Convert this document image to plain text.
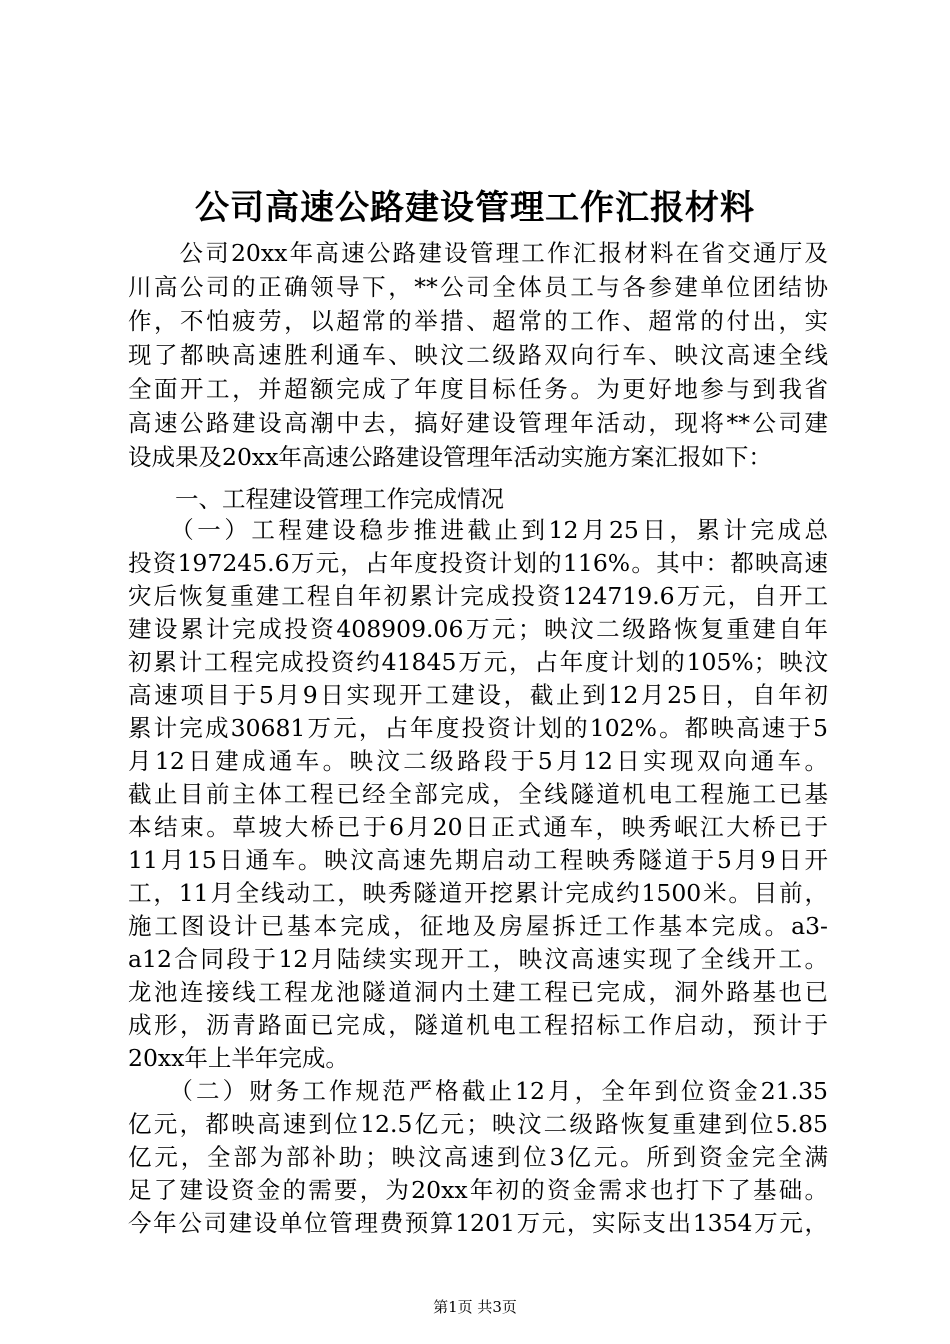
公司高速公路建设管理工作汇报材料
　　公司20xx年高速公路建设管理工作汇报材料在省交通厅及
川高公司的正确领导下，**公司全体员工与各参建单位团结协
作，不怕疲劳，以超常的举措、超常的工作、超常的付出，实
现了都映高速胜利通车、映汶二级路双向行车、映汶高速全线
全面开工，并超额完成了年度目标任务。为更好地参与到我省
高速公路建设高潮中去，搞好建设管理年活动，现将**公司建
设成果及20xx年高速公路建设管理年活动实施方案汇报如下：
　　一、工程建设管理工作完成情况
　　（一）工程建设稳步推进截止到12月25日，累计完成总
投资197245.6万元，占年度投资计划的116%。其中：都映高速
灾后恢复重建工程自年初累计完成投资124719.6万元，自开工
建设累计完成投资408909.06万元；映汶二级路恢复重建自年
初累计工程完成投资约41845万元，占年度计划的105%；映汶
高速项目于5月9日实现开工建设，截止到12月25日，自年初
累计完成30681万元，占年度投资计划的102%。都映高速于5
月12日建成通车。映汶二级路段于5月12日实现双向通车。
截止目前主体工程已经全部完成，全线隧道机电工程施工已基
本结束。草坡大桥已于6月20日正式通车，映秀岷江大桥已于
11月15日通车。映汶高速先期启动工程映秀隧道于5月9日开
工，11月全线动工，映秀隧道开挖累计完成约1500米。目前，
施工图设计已基本完成，征地及房屋拆迁工作基本完成。a3-
a12合同段于12月陆续实现开工，映汶高速实现了全线开工。
龙池连接线工程龙池隧道洞内土建工程已完成，洞外路基也已
成形，沥青路面已完成，隧道机电工程招标工作启动，预计于
20xx年上半年完成。
　　（二）财务工作规范严格截止12月，全年到位资金21.35
亿元，都映高速到位12.5亿元；映汶二级路恢复重建到位5.85
亿元，全部为部补助；映汶高速到位3亿元。所到资金完全满
足了建设资金的需要，为20xx年初的资金需求也打下了基础。
今年公司建设单位管理费预算1201万元，实际支出1354万元，
第1页 共3页
